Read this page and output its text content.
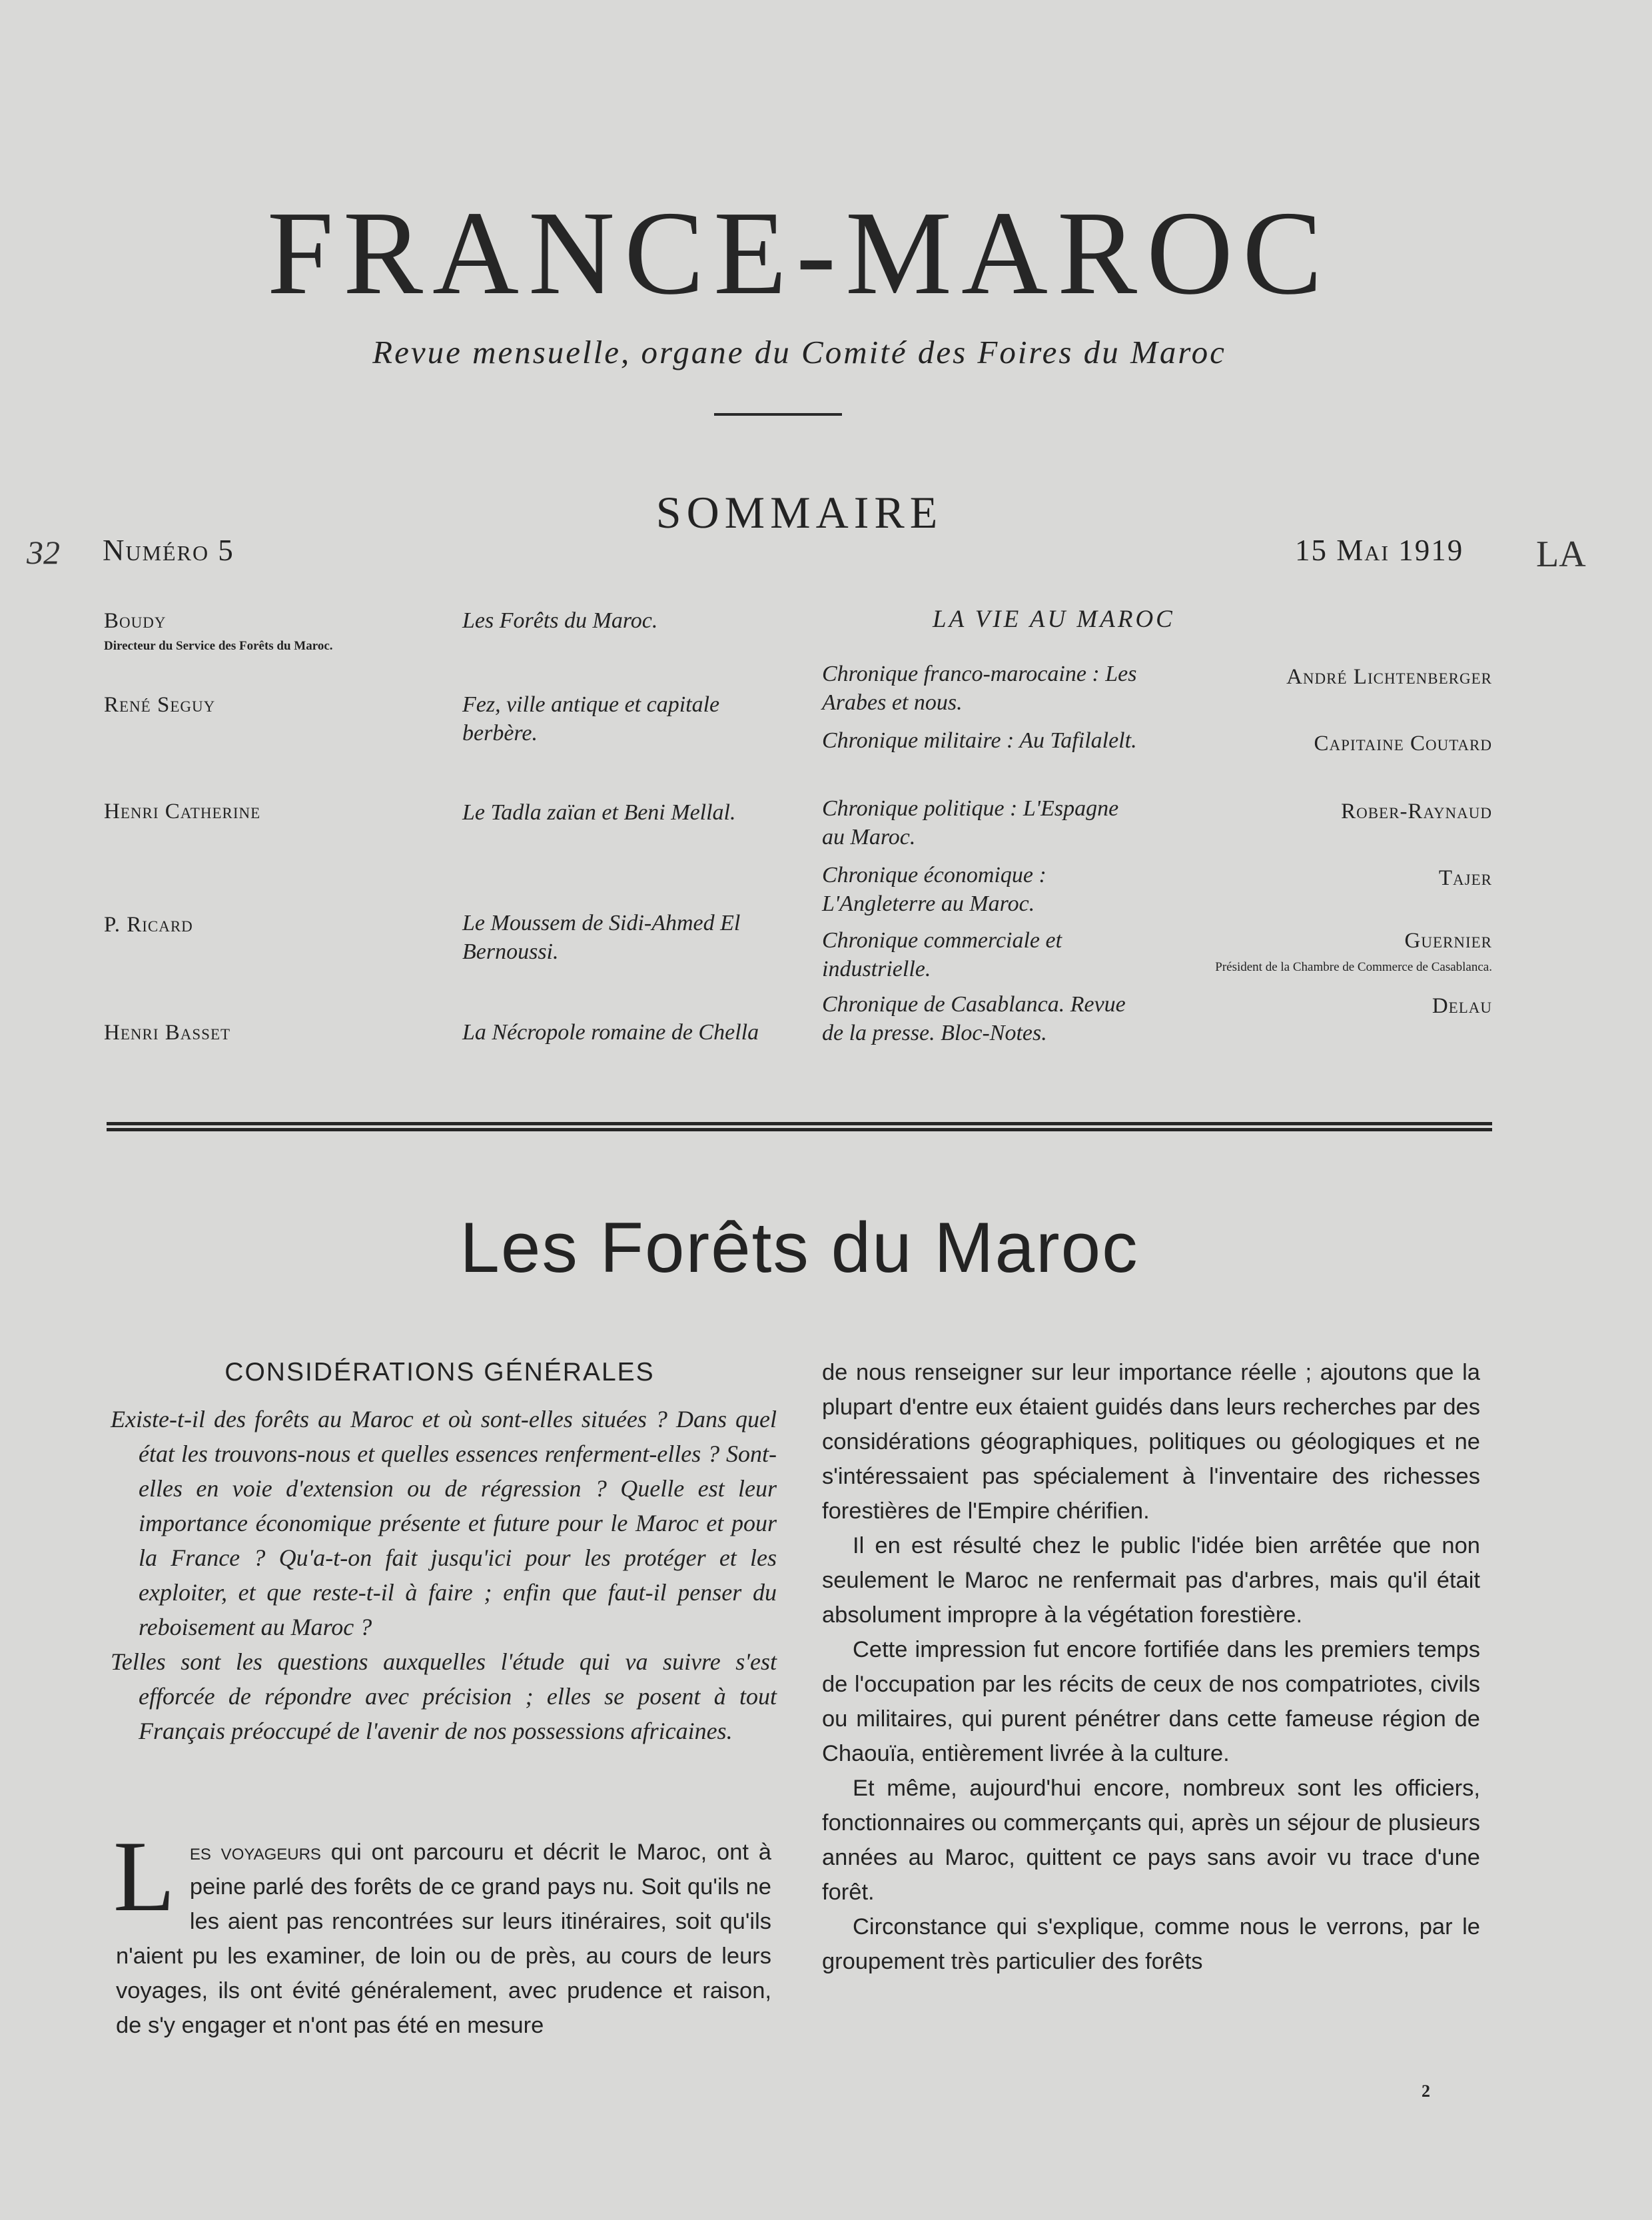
FRANCE-MAROC
Revue mensuelle, organe du Comité des Foires du Maroc
SOMMAIRE
32 Numéro 5	15 Mai 1919 LA
Boudy
Directeur du Service des Forêts du Maroc.
René Seguy
Henri Catherine
P. Ricard
Henri Basset
Les Forêts du Maroc.
Fez, ville antique et capitale berbère.
Le Tadla zaïan et Beni Mellal.
Le Moussem de Sidi-Ahmed El Bernoussi.
La Nécropole romaine de Chella
LA VIE AU MAROC
Chronique franco-marocaine : Les Arabes et nous.
André Lichtenberger
Chronique militaire : Au Tafilalelt.	Capitaine Coutard
Chronique politique : L'Espagne au Maroc.
Rober-Raynaud
Chronique économique : L'Angleterre au Maroc.
Tajer
Chronique commerciale et industrielle.
Guernier
Président de la Chambre de Commerce de Casablanca.
Chronique de Casablanca. Revue de la presse. Bloc-Notes.
Delau
Les Forêts du Maroc
CONSIDÉRATIONS GÉNÉRALES

Existe-t-il des forêts au Maroc et où sont-elles situées ? Dans quel état les trouvons-nous et quelles essences renferment-elles ? Sont-elles en voie d'extension ou de régression ? Quelle est leur importance économique présente et future pour le Maroc et pour la France ? Qu'a-t-on fait jusqu'ici pour les protéger et les exploiter, et que reste-t-il à faire ; enfin que faut-il penser du reboisement au Maroc ?

Telles sont les questions auxquelles l'étude qui va suivre s'est efforcée de répondre avec précision ; elles se posent à tout Français préoccupé de l'avenir de nos possessions africaines.

Les voyageurs qui ont parcouru et décrit le Maroc, ont à peine parlé des forêts de ce grand pays nu. Soit qu'ils ne les aient pas rencontrées sur leurs itinéraires, soit qu'ils n'aient pu les examiner, de loin ou de près, au cours de leurs voyages, ils ont évité généralement, avec prudence et raison, de s'y engager et n'ont pas été en mesure

de nous renseigner sur leur importance réelle ; ajoutons que la plupart d'entre eux étaient guidés dans leurs recherches par des considérations géographiques, politiques ou géologiques et ne s'intéressaient pas spécialement à l'inventaire des richesses forestières de l'Empire chérifien.

Il en est résulté chez le public l'idée bien arrêtée que non seulement le Maroc ne renfermait pas d'arbres, mais qu'il était absolument impropre à la végétation forestière.

Cette impression fut encore fortifiée dans les premiers temps de l'occupation par les récits de ceux de nos compatriotes, civils ou militaires, qui purent pénétrer dans cette fameuse région de Chaouïa, entièrement livrée à la culture.

Et même, aujourd'hui encore, nombreux sont les officiers, fonctionnaires ou commerçants qui, après un séjour de plusieurs années au Maroc, quittent ce pays sans avoir vu trace d'une forêt.

Circonstance qui s'explique, comme nous le verrons, par le groupement très particulier des forêts

2
